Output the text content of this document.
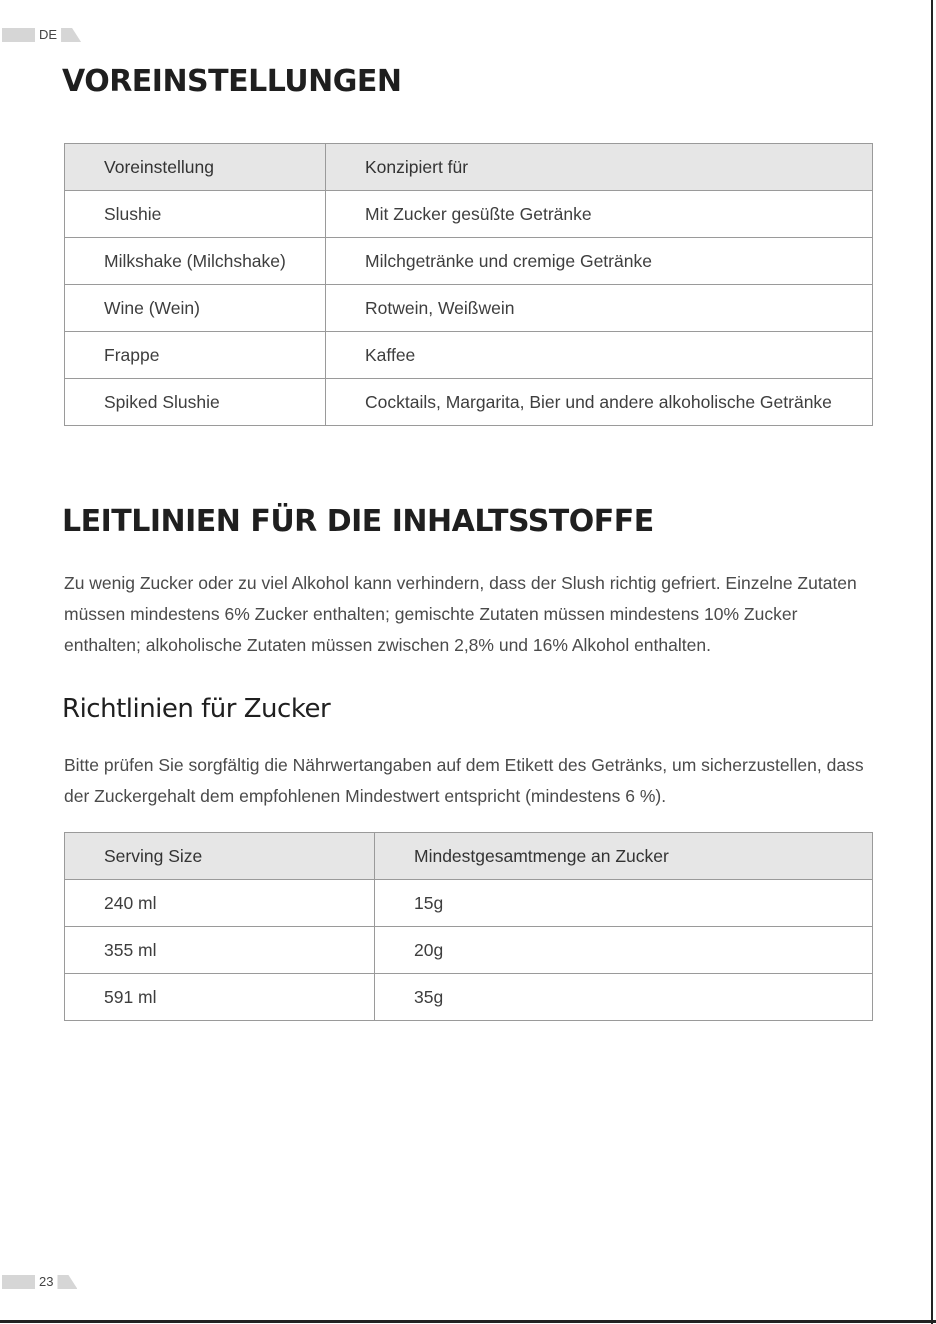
DE
VOREINSTELLUNGEN
Voreinstellung	Konzipiert für
Slushie	Mit Zucker gesüßte Getränke
Milkshake (Milchshake)	Milchgetränke und cremige Getränke
Wine (Wein)	Rotwein, Weißwein
Frappe	Kaffee
Spiked Slushie	Cocktails, Margarita, Bier und andere alkoholische Getränke
LEITLINIEN FÜR DIE INHALTSSTOFFE

Zu wenig Zucker oder zu viel Alkohol kann verhindern, dass der Slush richtig gefriert. Einzelne Zutaten müssen mindestens 6% Zucker enthalten; gemischte Zutaten müssen mindestens 10% Zucker enthalten; alkoholische Zutaten müssen zwischen 2,8% und 16% Alkohol enthalten.

Richtlinien für Zucker

Bitte prüfen Sie sorgfältig die Nährwertangaben auf dem Etikett des Getränks, um sicherzustellen, dass der Zuckergehalt dem empfohlenen Mindestwert entspricht (mindestens 6 %).

Serving Size	Mindestgesamtmenge an Zucker
240 ml	15g
355 ml	20g
591 ml	35g
23
